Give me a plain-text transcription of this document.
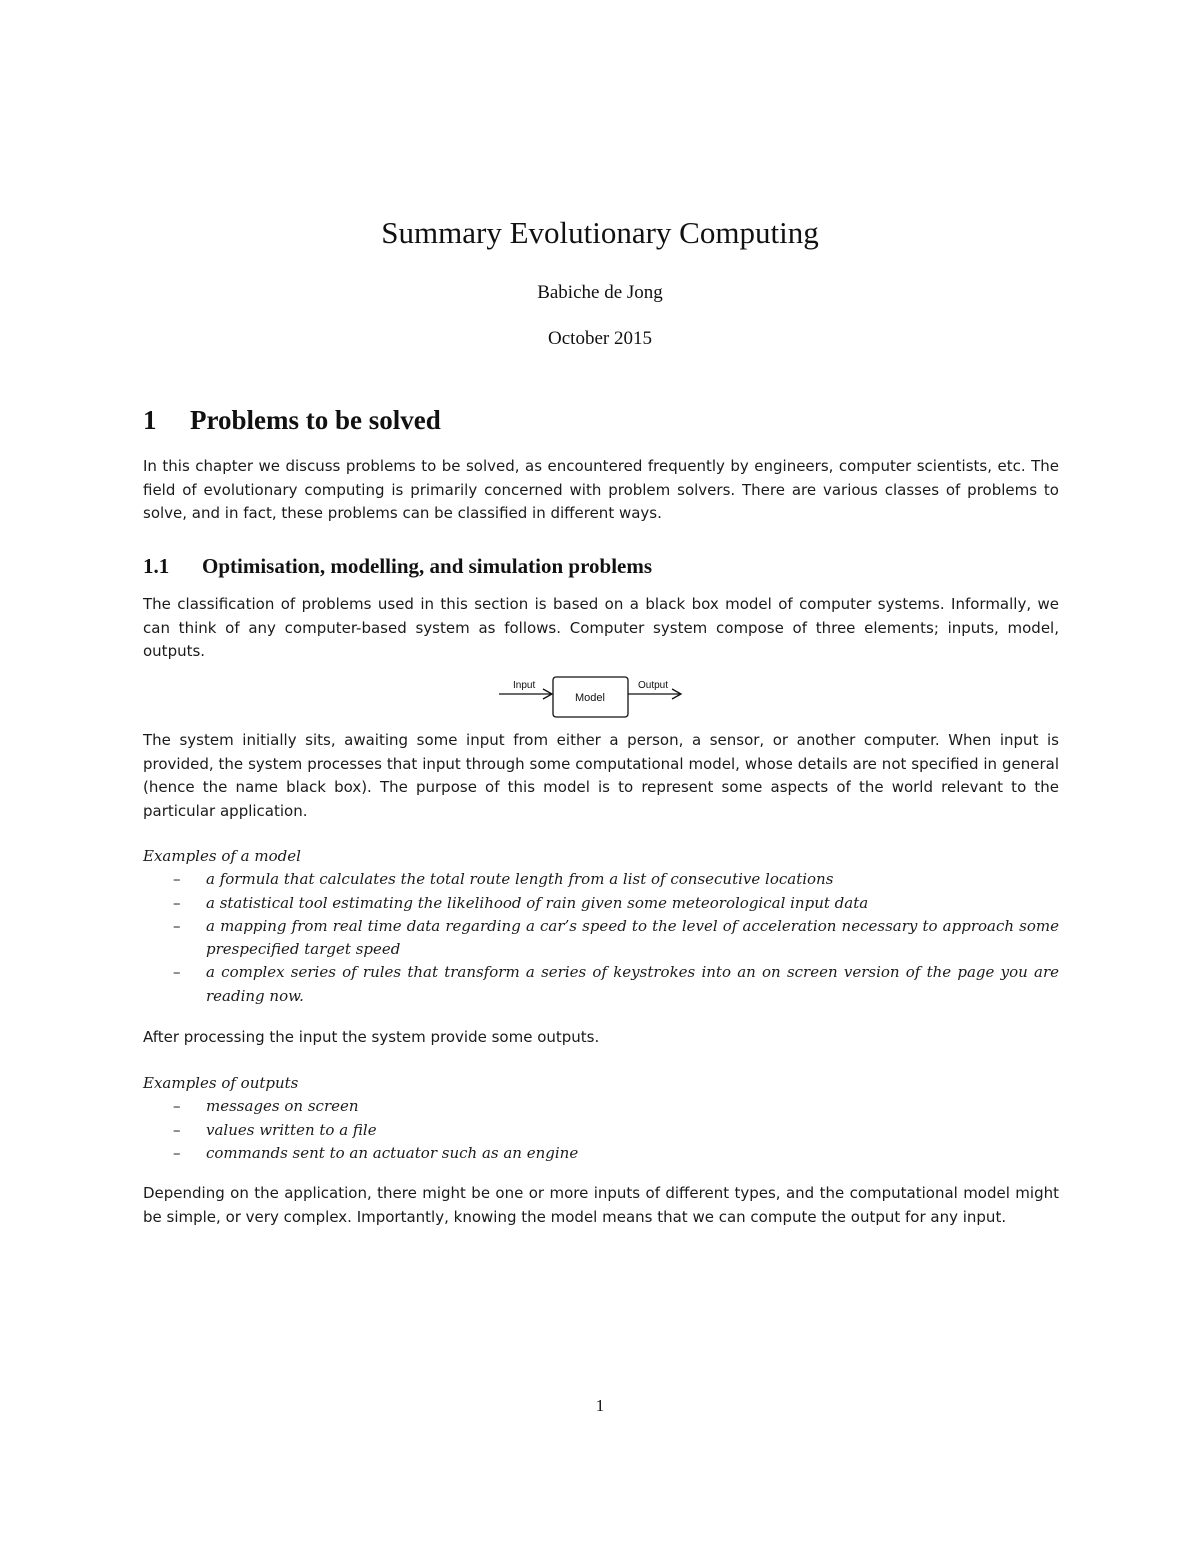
Summary Evolutionary Computing
Babiche de Jong
October 2015
1 Problems to be solved

In this chapter we discuss problems to be solved, as encountered frequently by engineers, computer scientists, etc. The field of evolutionary computing is primarily concerned with problem solvers. There are various classes of problems to solve, and in fact, these problems can be classified in different ways.

1.1 Optimisation, modelling, and simulation problems

The classification of problems used in this section is based on a black box model of computer systems. Informally, we can think of any computer-based system as follows. Computer system compose of three elements; inputs, model, outputs.

Input
Model
Output

The system initially sits, awaiting some input from either a person, a sensor, or another computer. When input is provided, the system processes that input through some computational model, whose details are not specified in general (hence the name black box). The purpose of this model is to represent some aspects of the world relevant to the particular application.

Examples of a model
– a formula that calculates the total route length from a list of consecutive locations
– a statistical tool estimating the likelihood of rain given some meteorological input data
– a mapping from real time data regarding a car’s speed to the level of acceleration necessary to approach some prespecified target speed
– a complex series of rules that transform a series of keystrokes into an on screen version of the page you are reading now.

After processing the input the system provide some outputs.

Examples of outputs
– messages on screen
– values written to a file
– commands sent to an actuator such as an engine

Depending on the application, there might be one or more inputs of different types, and the computational model might be simple, or very complex. Importantly, knowing the model means that we can compute the output for any input.

1
